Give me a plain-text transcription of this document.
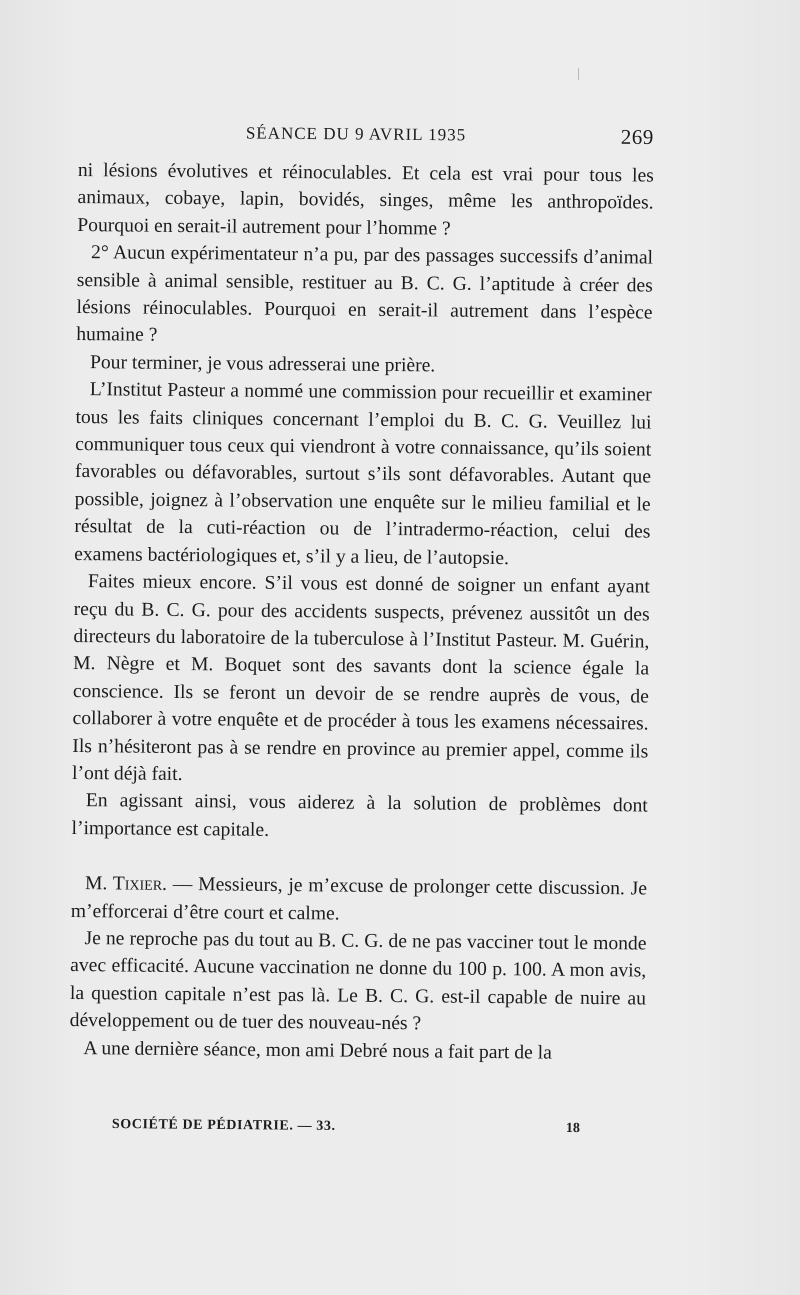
SÉANCE DU 9 AVRIL 1935	269

ni lésions évolutives et réinoculables. Et cela est vrai pour tous les animaux, cobaye, lapin, bovidés, singes, même les anthropoïdes. Pourquoi en serait-il autrement pour l’homme ?

2° Aucun expérimentateur n’a pu, par des passages successifs d’animal sensible à animal sensible, restituer au B. C. G. l’aptitude à créer des lésions réinoculables. Pourquoi en serait-il autrement dans l’espèce humaine ?

Pour terminer, je vous adresserai une prière.

L’Institut Pasteur a nommé une commission pour recueillir et examiner tous les faits cliniques concernant l’emploi du B. C. G. Veuillez lui communiquer tous ceux qui viendront à votre connaissance, qu’ils soient favorables ou défavorables, surtout s’ils sont défavorables. Autant que possible, joignez à l’observation une enquête sur le milieu familial et le résultat de la cuti-réaction ou de l’intradermo-réaction, celui des examens bactériologiques et, s’il y a lieu, de l’autopsie.

Faites mieux encore. S’il vous est donné de soigner un enfant ayant reçu du B. C. G. pour des accidents suspects, prévenez aussitôt un des directeurs du laboratoire de la tuberculose à l’Institut Pasteur. M. Guérin, M. Nègre et M. Boquet sont des savants dont la science égale la conscience. Ils se feront un devoir de se rendre auprès de vous, de collaborer à votre enquête et de procéder à tous les examens nécessaires. Ils n’hésiteront pas à se rendre en province au premier appel, comme ils l’ont déjà fait.

En agissant ainsi, vous aiderez à la solution de problèmes dont l’importance est capitale.

M. Tixier. — Messieurs, je m’excuse de prolonger cette discussion. Je m’efforcerai d’être court et calme.

Je ne reproche pas du tout au B. C. G. de ne pas vacciner tout le monde avec efficacité. Aucune vaccination ne donne du 100 p. 100. A mon avis, la question capitale n’est pas là. Le B. C. G. est-il capable de nuire au développement ou de tuer des nouveau-nés ?

A une dernière séance, mon ami Debré nous a fait part de la

SOCIÉTÉ DE PÉDIATRIE. — 33.	18
